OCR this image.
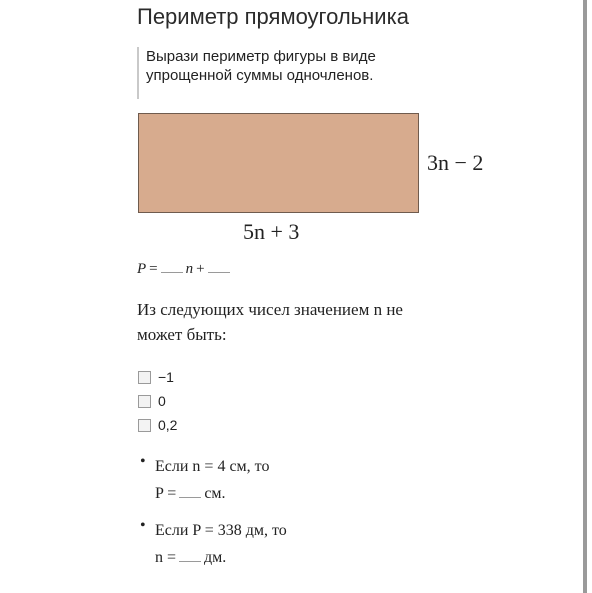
Периметр прямоугольника
Вырази периметр фигуры в виде
упрощенной суммы одночленов.
3n − 2
5n + 3
P = n +
Из следующих чисел значением n не
может быть:
−1
0
0,2
• Если n = 4 см, то
P = см.
• Если P = 338 дм, то
n = дм.
